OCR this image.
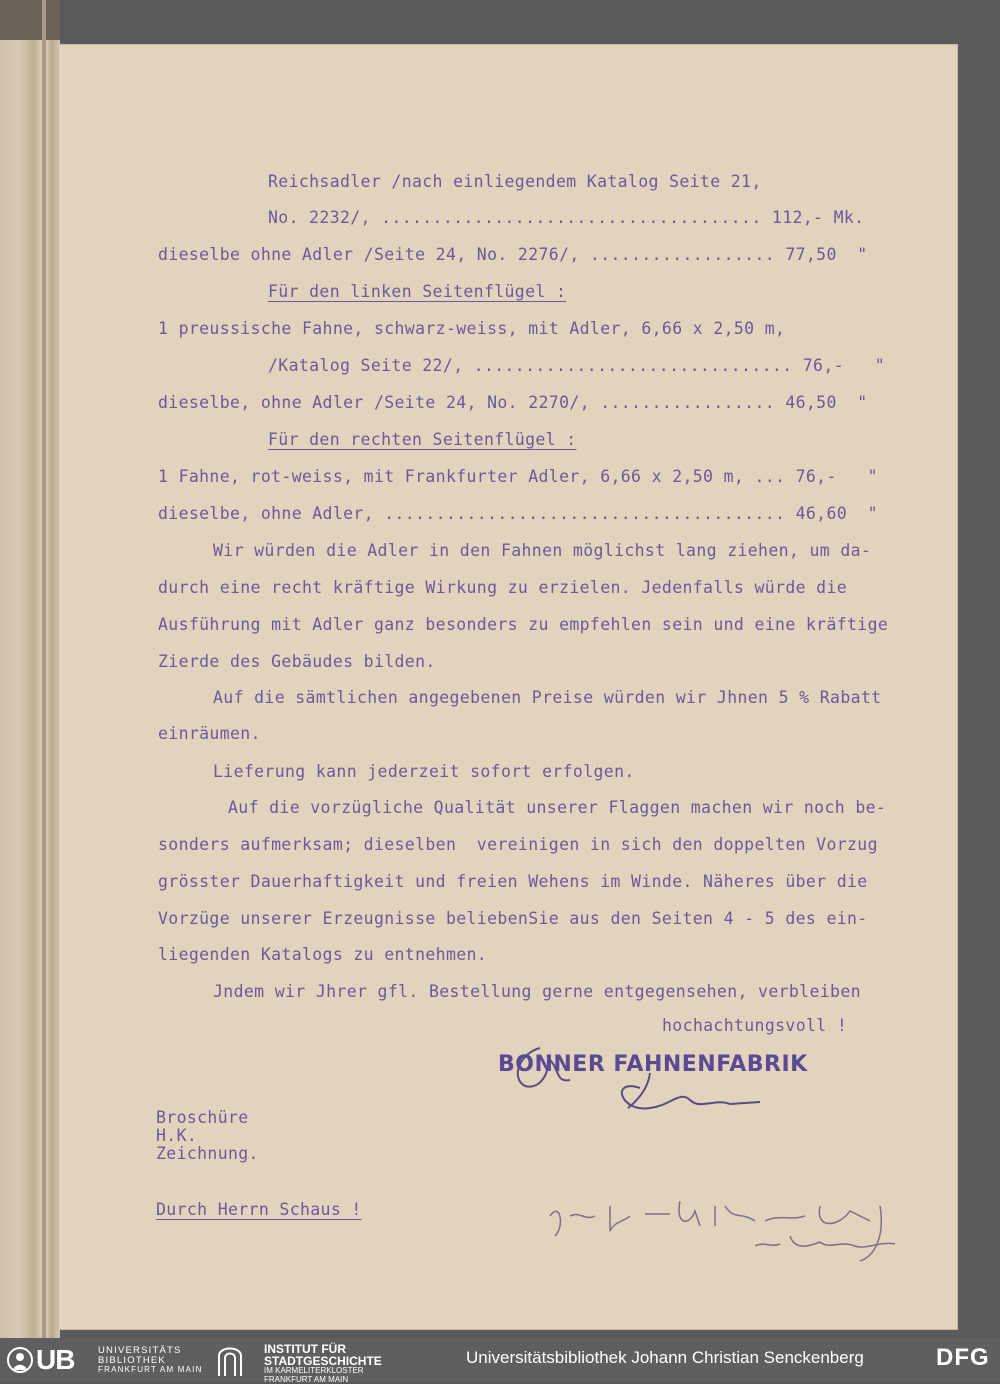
Reichsadler /nach einliegendem Katalog Seite 21,
No. 2232/, ..................................... 112,- Mk.
dieselbe ohne Adler /Seite 24, No. 2276/, .................. 77,50  "
Für den linken Seitenflügel :
1 preussische Fahne, schwarz-weiss, mit Adler, 6,66 x 2,50 m,
/Katalog Seite 22/, ............................... 76,-   "
dieselbe, ohne Adler /Seite 24, No. 2270/, ................. 46,50  "
Für den rechten Seitenflügel :
1 Fahne, rot-weiss, mit Frankfurter Adler, 6,66 x 2,50 m, ... 76,-   "
dieselbe, ohne Adler, ....................................... 46,60  "
Wir würden die Adler in den Fahnen möglichst lang ziehen, um da-
durch eine recht kräftige Wirkung zu erzielen. Jedenfalls würde die
Ausführung mit Adler ganz besonders zu empfehlen sein und eine kräftige
Zierde des Gebäudes bilden.
Auf die sämtlichen angegebenen Preise würden wir Jhnen 5 % Rabatt
einräumen.
Lieferung kann jederzeit sofort erfolgen.
Auf die vorzügliche Qualität unserer Flaggen machen wir noch be-
sonders aufmerksam; dieselben  vereinigen in sich den doppelten Vorzug
grösster Dauerhaftigkeit und freien Wehens im Winde. Näheres über die
Vorzüge unserer Erzeugnisse beliebenSie aus den Seiten 4 - 5 des ein-
liegenden Katalogs zu entnehmen.
Jndem wir Jhrer gfl. Bestellung gerne entgegensehen, verbleiben
hochachtungsvoll !
Broschüre
H.K.
Zeichnung.
Durch Herrn Schaus !
BONNER FAHNENFABRIK
UB UNIVERSITÄTS
BIBLIOTHEK
FRANKFURT AM MAIN
INSTITUT FÜR
STADTGESCHICHTE
IM KARMELITERKLOSTER
FRANKFURT AM MAIN
Universitätsbibliothek Johann Christian Senckenberg	DFG
